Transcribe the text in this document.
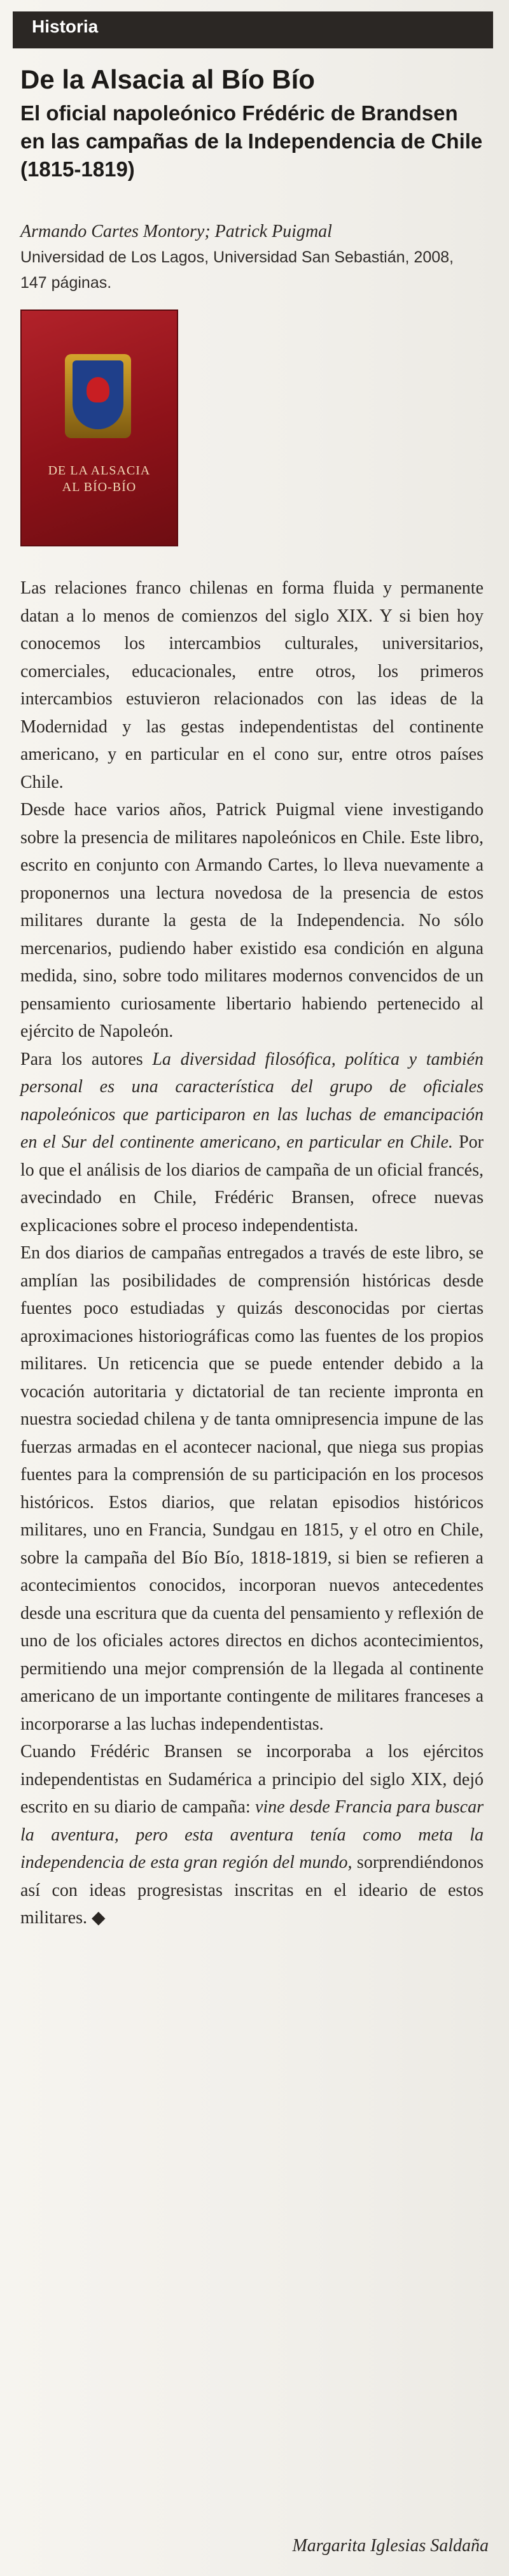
Historia
De la Alsacia al Bío Bío
El oficial napoleónico Frédéric de Brandsen en las campañas de la Independencia de Chile (1815-1819)
Armando Cartes Montory; Patrick Puigmal
Universidad de Los Lagos, Universidad San Sebastián, 2008, 147 páginas.
DE LA ALSACIA
AL BÍO-BÍO

Las relaciones franco chilenas en forma fluida y permanente datan a lo menos de comienzos del siglo XIX. Y si bien hoy conocemos los intercambios culturales, universitarios, comerciales, educacionales, entre otros, los primeros intercambios estuvieron relacionados con las ideas de la Modernidad y las gestas independentistas del continente americano, y en particular en el cono sur, entre otros países Chile.

Desde hace varios años, Patrick Puigmal viene investigando sobre la presencia de militares napoleónicos en Chile. Este libro, escrito en conjunto con Armando Cartes, lo lleva nuevamente a proponernos una lectura novedosa de la presencia de estos militares durante la gesta de la Independencia. No sólo mercenarios, pudiendo haber existido esa condición en alguna medida, sino, sobre todo militares modernos convencidos de un pensamiento curiosamente libertario habiendo pertenecido al ejército de Napoleón.

Para los autores La diversidad filosófica, política y también personal es una característica del grupo de oficiales napoleónicos que participaron en las luchas de emancipación en el Sur del continente americano, en particular en Chile. Por lo que el análisis de los diarios de campaña de un oficial francés, avecindado en Chile, Frédéric Bransen, ofrece nuevas explicaciones sobre el proceso independentista.

En dos diarios de campañas entregados a través de este libro, se amplían las posibilidades de comprensión históricas desde fuentes poco estudiadas y quizás desconocidas por ciertas aproximaciones historiográficas como las fuentes de los propios militares. Un reticencia que se puede entender debido a la vocación autoritaria y dictatorial de tan reciente impronta en nuestra sociedad chilena y de tanta omnipresencia impune de las fuerzas armadas en el acontecer nacional, que niega sus propias fuentes para la comprensión de su participación en los procesos históricos. Estos diarios, que relatan episodios históricos militares, uno en Francia, Sundgau en 1815, y el otro en Chile, sobre la campaña del Bío Bío, 1818-1819, si bien se refieren a acontecimientos conocidos, incorporan nuevos antecedentes desde una escritura que da cuenta del pensamiento y reflexión de uno de los oficiales actores directos en dichos acontecimientos, permitiendo una mejor comprensión de la llegada al continente americano de un importante contingente de militares franceses a incorporarse a las luchas independentistas.

Cuando Frédéric Bransen se incorporaba a los ejércitos independentistas en Sudamérica a principio del siglo XIX, dejó escrito en su diario de campaña: vine desde Francia para buscar la aventura, pero esta aventura tenía como meta la independencia de esta gran región del mundo, sorprendiéndonos así con ideas progresistas inscritas en el ideario de estos militares. ◆

Margarita Iglesias Saldaña
